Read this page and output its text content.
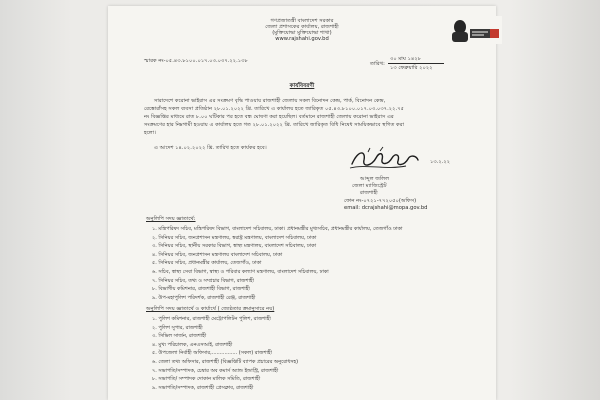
গণপ্রজাতন্ত্রী বাংলাদেশ সরকার
জেলা প্রশাসকের কার্যালয়, রাজশাহী
(মুক্তিযোদ্ধা মুক্তিযোদ্ধা শাখা)
www.rajshahi.gov.bd
স্মারক নং-০৫.৪৩.৮১০০.০১৭.০৩.০৩৭.২২.১৩৮	তারিখ:
৩০ মাঘ ১৪২৮
১৩ ফেব্রুয়ারি ২০২২
কার্যবিবরণী
সারাদেশে করোনা ভাইরাস এর সংক্রমণ বৃদ্ধি পাওয়ায় রাজশাহী জেলায় সকল বিনোদন কেন্দ্র, পার্ক, বিনোদন কেন্দ্র,
রেস্তোরাঁসহ সকল ব্যবসা প্রতিষ্ঠান ২৮.০১.২০২২ খ্রি. তারিখে এ কার্যালয় হতে জারিকৃত ০৫.৪৩.৮১০০.০১৭.০৩.০৩৭.২২.৭৫
নং বিজ্ঞপ্তির মাধ্যমে রাত ৮.০০ ঘটিকার পর হতে বন্ধ ঘোষণা করা হয়েছিল। বর্তমানে রাজশাহী জেলায় করোনা ভাইরাস এর
সংক্রমণের হার নিম্নগামী হওয়ায় এ কার্যালয় হতে গত ২৮.০১.২০২২ খ্রি. তারিখে জারিকৃত বিধি নিষেধ সাময়িকভাবে স্থগিত করা
হলো।
এ আদেশ ১৪.০২.২০২২ খ্রি. তারিখ হতে কার্যকর হবে।
১৩.২.২২
আব্দুল জলিল
জেলা ম্যাজিস্ট্রেট
রাজশাহী
ফোন নং-০৭২১-৭৭২০৫০(অফিস)
email: dcrajshahi@mopa.gov.bd
অনুলিপি সদয় জ্ঞাতার্থে:
১. মন্ত্রিপরিষদ সচিব, মন্ত্রিপরিষদ বিভাগ, বাংলাদেশ সচিবালয়, ঢাকা। প্রধানমন্ত্রীর মুখ্যসচিব, প্রধানমন্ত্রীর কার্যালয়, তেজগাঁও ঢাকা
২. সিনিয়র সচিব, জনপ্রশাসন মন্ত্রণালয়, স্বরাষ্ট্র মন্ত্রণালয়, বাংলাদেশ সচিবালয়, ঢাকা
৩. সিনিয়র সচিব, স্থানীয় সরকার বিভাগ, স্বাস্থ্য মন্ত্রণালয়, বাংলাদেশ সচিবালয়, ঢাকা
৪. সিনিয়র সচিব, জনপ্রশাসন মন্ত্রণালয় বাংলাদেশ সচিবালয়, ঢাকা
৫. সিনিয়র সচিব, প্রধানমন্ত্রীর কার্যালয়, তেজগাঁও, ঢাকা
৬. সচিব, স্বাস্থ্য সেবা বিভাগ, স্বাস্থ্য ও পরিবার কল্যাণ মন্ত্রণালয়, বাংলাদেশ সচিবালয়, ঢাকা
৭. সিনিয়র সচিব, তথ্য ও সম্প্রচার বিভাগ, রাজশাহী
৮. বিভাগীয় কমিশনার, রাজশাহী বিভাগ, রাজশাহী
৯. উপ-মহাপুলিশ পরিদর্শক, রাজশাহী রেঞ্জ, রাজশাহী
অনুলিপি সদয় জ্ঞাতার্থে ও কার্যার্থে ( জ্যেষ্ঠতার ক্রমানুসারে নয়)
১. পুলিশ কমিশনার, রাজশাহী মেট্রোপলিটন পুলিশ, রাজশাহী
২. পুলিশ সুপার, রাজশাহী
৩. সিভিল সার্জন, রাজশাহী
৪. মুখ্য পরিচালক, এনএসআই, রাজশাহী
৫. উপজেলা নির্বাহী অফিসার,................ (সকল) রাজশাহী
৬. জেলা তথ্য অফিসার, রাজশাহী (বিজ্ঞপ্তিটি ব্যাপক প্রচারের অনুরোধসহ)
৭. সভাপতি/সম্পাদক, চেম্বার অব কমার্স অ্যান্ড ইন্ডাস্ট্রি, রাজশাহী
৮. সভাপতি/ সম্পাদক দোকান মালিক সমিতি, রাজশাহী
৯. সভাপতি/সম্পাদক, রাজশাহী প্রেসক্লাব, রাজশাহী
